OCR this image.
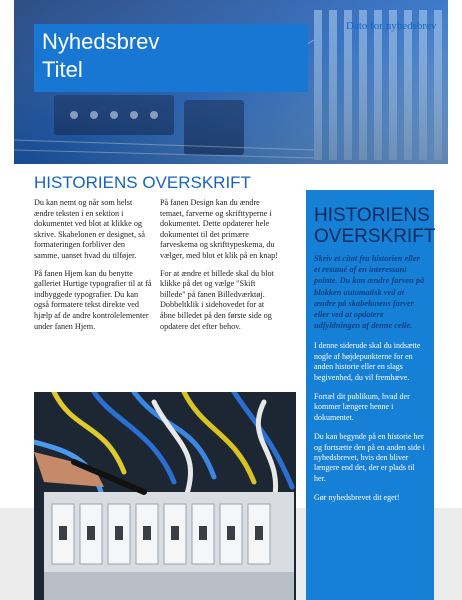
Nyhedsbrev
Titel
Dato for nyhedsbrev
HISTORIENS OVERSKRIFT

Du kan nemt og når som helst ændre teksten i en sektion i dokumentet ved blot at klikke og skrive. Skabelonen er designet, så formateringen forbliver den samme, uanset hvad du tilføjer.

På fanen Hjem kan du benytte galleriet Hurtige typografier til at få indbyggede typografier. Du kan også formatere tekst direkte ved hjælp af de andre kontrolelementer under fanen Hjem.

På fanen Design kan du ændre temaet, farverne og skrifttyperne i dokumentet. Dette opdaterer hele dokumentet til det primære farveskema og skrifttypeskema, du vælger, med blot et klik på en knap!

For at ændre et billede skal du blot klikke på det og vælge "Skift billede" på fanen Billedværktøj. Dobbeltklik i sidehovedet for at åbne billedet på den første side og opdatere det efter behov.

HISTORIENS OVERSKRIFT

Skriv et citat fra historien eller et resumé af en interessant pointe. Du kan ændre farven på blokken automatisk ved at ændre på skabelonens farver eller ved at opdatere udfyldningen af denne celle.

I denne siderude skal du indsætte nogle af højdepunkterne for en anden historie eller en slags begivenhed, du vil fremhæve.

Fortæl dit publikum, hvad der kommer længere henne i dokumentet.

Du kan begynde på en historie her og fortsætte den på en anden side i nyhedsbrevet, hvis den bliver længere end det, der er plads til her.

Gør nyhedsbrevet dit eget!
